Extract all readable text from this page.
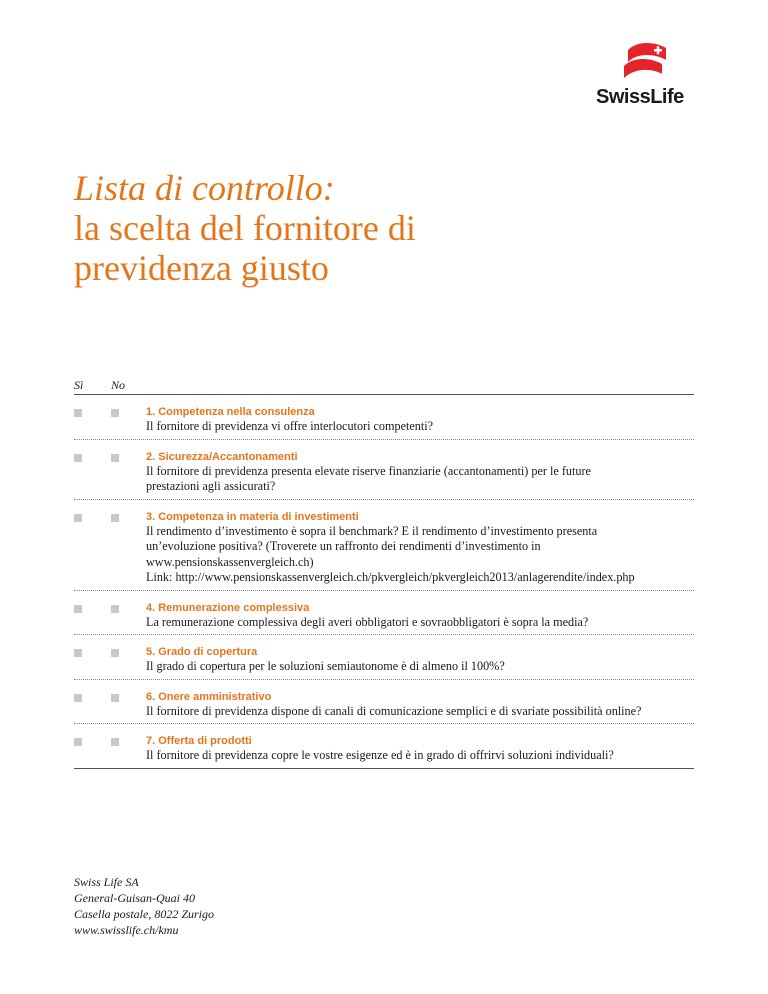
SwissLife
Lista di controllo:
la scelta del fornitore di
previdenza giusto
Sì No
1. Competenza nella consulenza
Il fornitore di previdenza vi offre interlocutori competenti?
2. Sicurezza/Accantonamenti
Il fornitore di previdenza presenta elevate riserve finanziarie (accantonamenti) per le future
prestazioni agli assicurati?
3. Competenza in materia di investimenti
Il rendimento d’investimento è sopra il benchmark? E il rendimento d’investimento presenta
un’evoluzione positiva? (Troverete un raffronto dei rendimenti d’investimento in
www.pensionskassenvergleich.ch)
Link: http://www.pensionskassenvergleich.ch/pkvergleich/pkvergleich2013/anlagerendite/index.php
4. Remunerazione complessiva
La remunerazione complessiva degli averi obbligatori e sovraobbligatori è sopra la media?
5. Grado di copertura
Il grado di copertura per le soluzioni semiautonome è di almeno il 100%?
6. Onere amministrativo
Il fornitore di previdenza dispone di canali di comunicazione semplici e di svariate possibilità online?
7. Offerta di prodotti
Il fornitore di previdenza copre le vostre esigenze ed è in grado di offrirvi soluzioni individuali?
Swiss Life SA
General-Guisan-Quai 40
Casella postale, 8022 Zurigo
www.swisslife.ch/kmu
